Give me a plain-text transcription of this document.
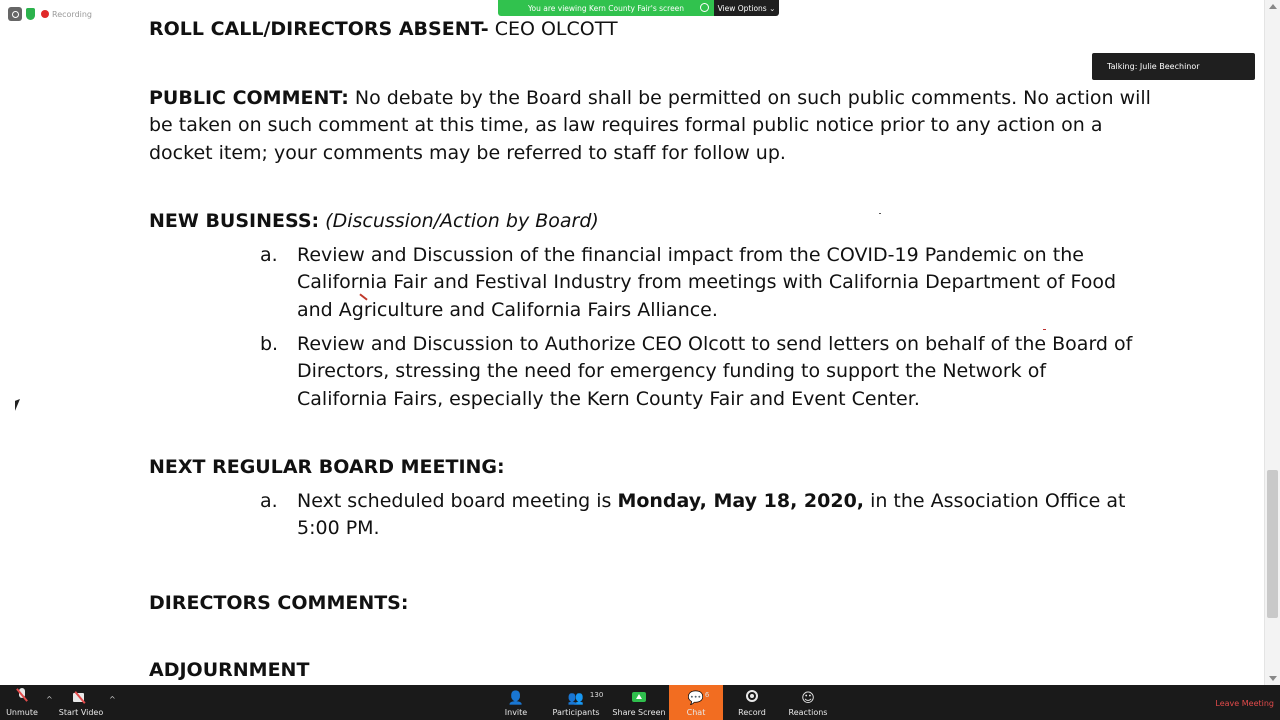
ROLL CALL/DIRECTORS ABSENT- CEO OLCOTT
PUBLIC COMMENT: No debate by the Board shall be permitted on such public comments. No action will
be taken on such comment at this time, as law requires formal public notice prior to any action on a
docket item; your comments may be referred to staff for follow up.
NEW BUSINESS: (Discussion/Action by Board)
a. Review and Discussion of the financial impact from the COVID-19 Pandemic on the
California Fair and Festival Industry from meetings with California Department of Food
and Agriculture and California Fairs Alliance.
b. Review and Discussion to Authorize CEO Olcott to send letters on behalf of the Board of
Directors, stressing the need for emergency funding to support the Network of
California Fairs, especially the Kern County Fair and Event Center.
NEXT REGULAR BOARD MEETING:
a. Next scheduled board meeting is Monday, May 18, 2020, in the Association Office at
5:00 PM.
DIRECTORS COMMENTS:
ADJOURNMENT
Recording
You are viewing Kern County Fair's screen	View Options
⌄
Talking: Julie Beechinor
Unmute
^
Start Video
^	👤
Invite
👥 130
Participants Share Screen
💬 6
Chat	Record
☺
Reactions
Leave Meeting
